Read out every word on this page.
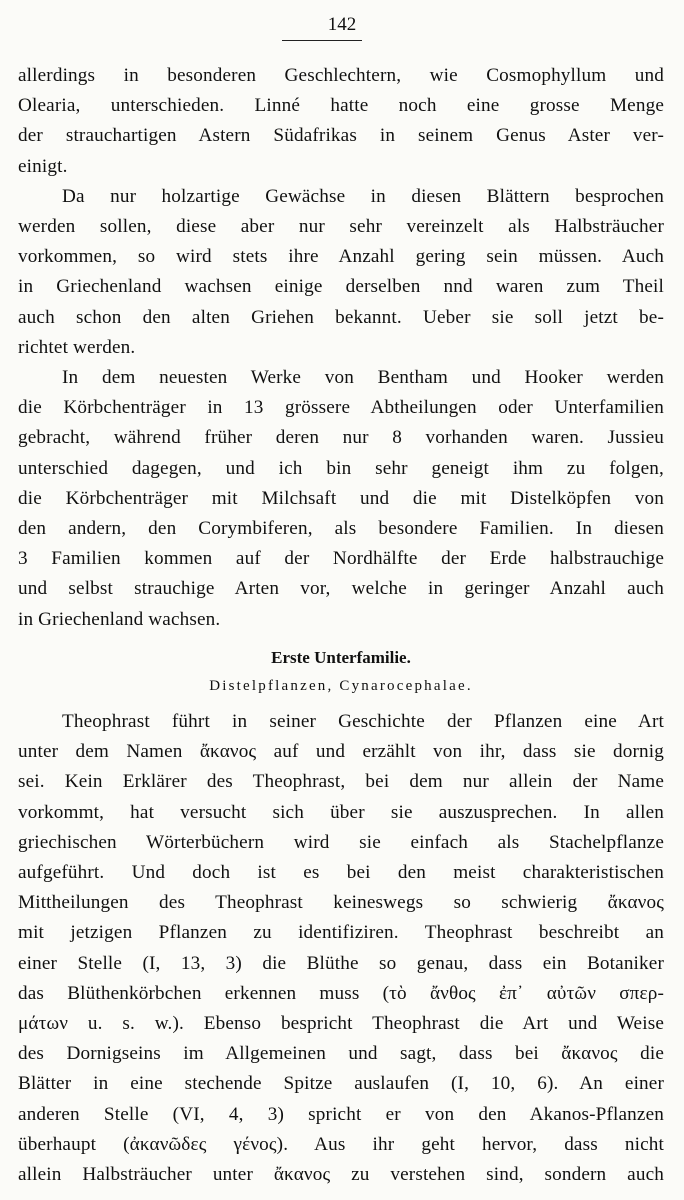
142

allerdings in besonderen Geschlechtern, wie Cosmophyllum und
Olearia, unterschieden. Linné hatte noch eine grosse Menge
der strauchartigen Astern Südafrikas in seinem Genus Aster ver-
einigt.

Da nur holzartige Gewächse in diesen Blättern besprochen
werden sollen, diese aber nur sehr vereinzelt als Halbsträucher
vorkommen, so wird stets ihre Anzahl gering sein müssen. Auch
in Griechenland wachsen einige derselben nnd waren zum Theil
auch schon den alten Griehen bekannt. Ueber sie soll jetzt be-
richtet werden.

In dem neuesten Werke von Bentham und Hooker werden
die Körbchenträger in 13 grössere Abtheilungen oder Unterfamilien
gebracht, während früher deren nur 8 vorhanden waren. Jussieu
unterschied dagegen, und ich bin sehr geneigt ihm zu folgen,
die Körbchenträger mit Milchsaft und die mit Distelköpfen von
den andern, den Corymbiferen, als besondere Familien. In diesen
3 Familien kommen auf der Nordhälfte der Erde halbstrauchige
und selbst strauchige Arten vor, welche in geringer Anzahl auch
in Griechenland wachsen.

Erste Unterfamilie.
Distelpflanzen, Cynarocephalae.

Theophrast führt in seiner Geschichte der Pflanzen eine Art
unter dem Namen ἄκανος auf und erzählt von ihr, dass sie dornig
sei. Kein Erklärer des Theophrast, bei dem nur allein der Name
vorkommt, hat versucht sich über sie auszusprechen. In allen
griechischen Wörterbüchern wird sie einfach als Stachelpflanze
aufgeführt. Und doch ist es bei den meist charakteristischen
Mittheilungen des Theophrast keineswegs so schwierig ἄκανος
mit jetzigen Pflanzen zu identifiziren. Theophrast beschreibt an
einer Stelle (I, 13, 3) die Blüthe so genau, dass ein Botaniker
das Blüthenkörbchen erkennen muss (τὸ ἄνθος ἐπ᾽ αὐτῶν σπερ-
μάτων u. s. w.). Ebenso bespricht Theophrast die Art und Weise
des Dornigseins im Allgemeinen und sagt, dass bei ἄκανος die
Blätter in eine stechende Spitze auslaufen (I, 10, 6). An einer
anderen Stelle (VI, 4, 3) spricht er von den Akanos-Pflanzen
überhaupt (ἀκανῶδες γένος). Aus ihr geht hervor, dass nicht
allein Halbsträucher unter ἄκανος zu verstehen sind, sondern auch
